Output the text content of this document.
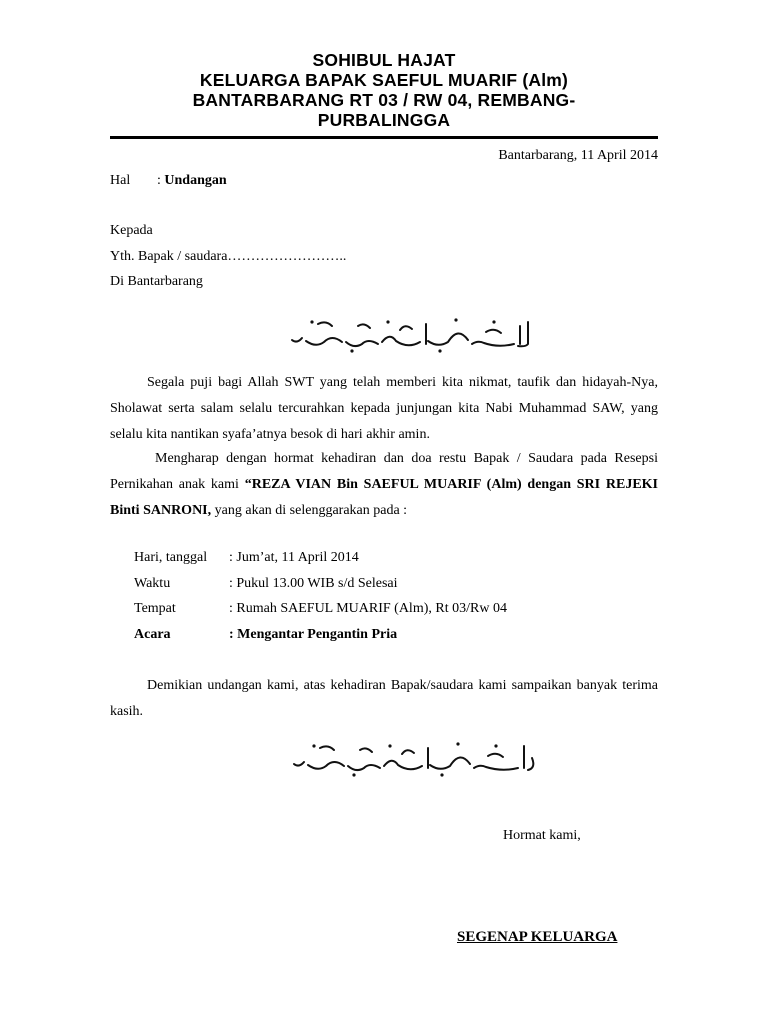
SOHIBUL HAJAT
KELUARGA BAPAK SAEFUL MUARIF (Alm)
BANTARBARANG RT 03 / RW 04, REMBANG-
PURBALINGGA
Bantarbarang, 11 April 2014
Hal : Undangan
Kepada
Yth. Bapak / saudara……………………..
Di Bantarbarang
Segala puji bagi Allah SWT yang telah memberi kita nikmat, taufik dan hidayah-Nya, Sholawat serta salam selalu tercurahkan kepada junjungan kita Nabi Muhammad SAW, yang selalu kita nantikan syafa’atnya besok di hari akhir amin.
Mengharap dengan hormat kehadiran dan doa restu Bapak / Saudara pada Resepsi Pernikahan anak kami “REZA VIAN Bin SAEFUL MUARIF (Alm) dengan SRI REJEKI Binti SANRONI, yang akan di selenggarakan pada :
Hari, tanggal : Jum’at, 11 April 2014
Waktu	: Pukul 13.00 WIB s/d Selesai
Tempat	: Rumah SAEFUL MUARIF (Alm), Rt 03/Rw 04
Acara	: Mengantar Pengantin Pria
Demikian undangan kami, atas kehadiran Bapak/saudara kami sampaikan banyak terima kasih.
Hormat kami,
SEGENAP KELUARGA
